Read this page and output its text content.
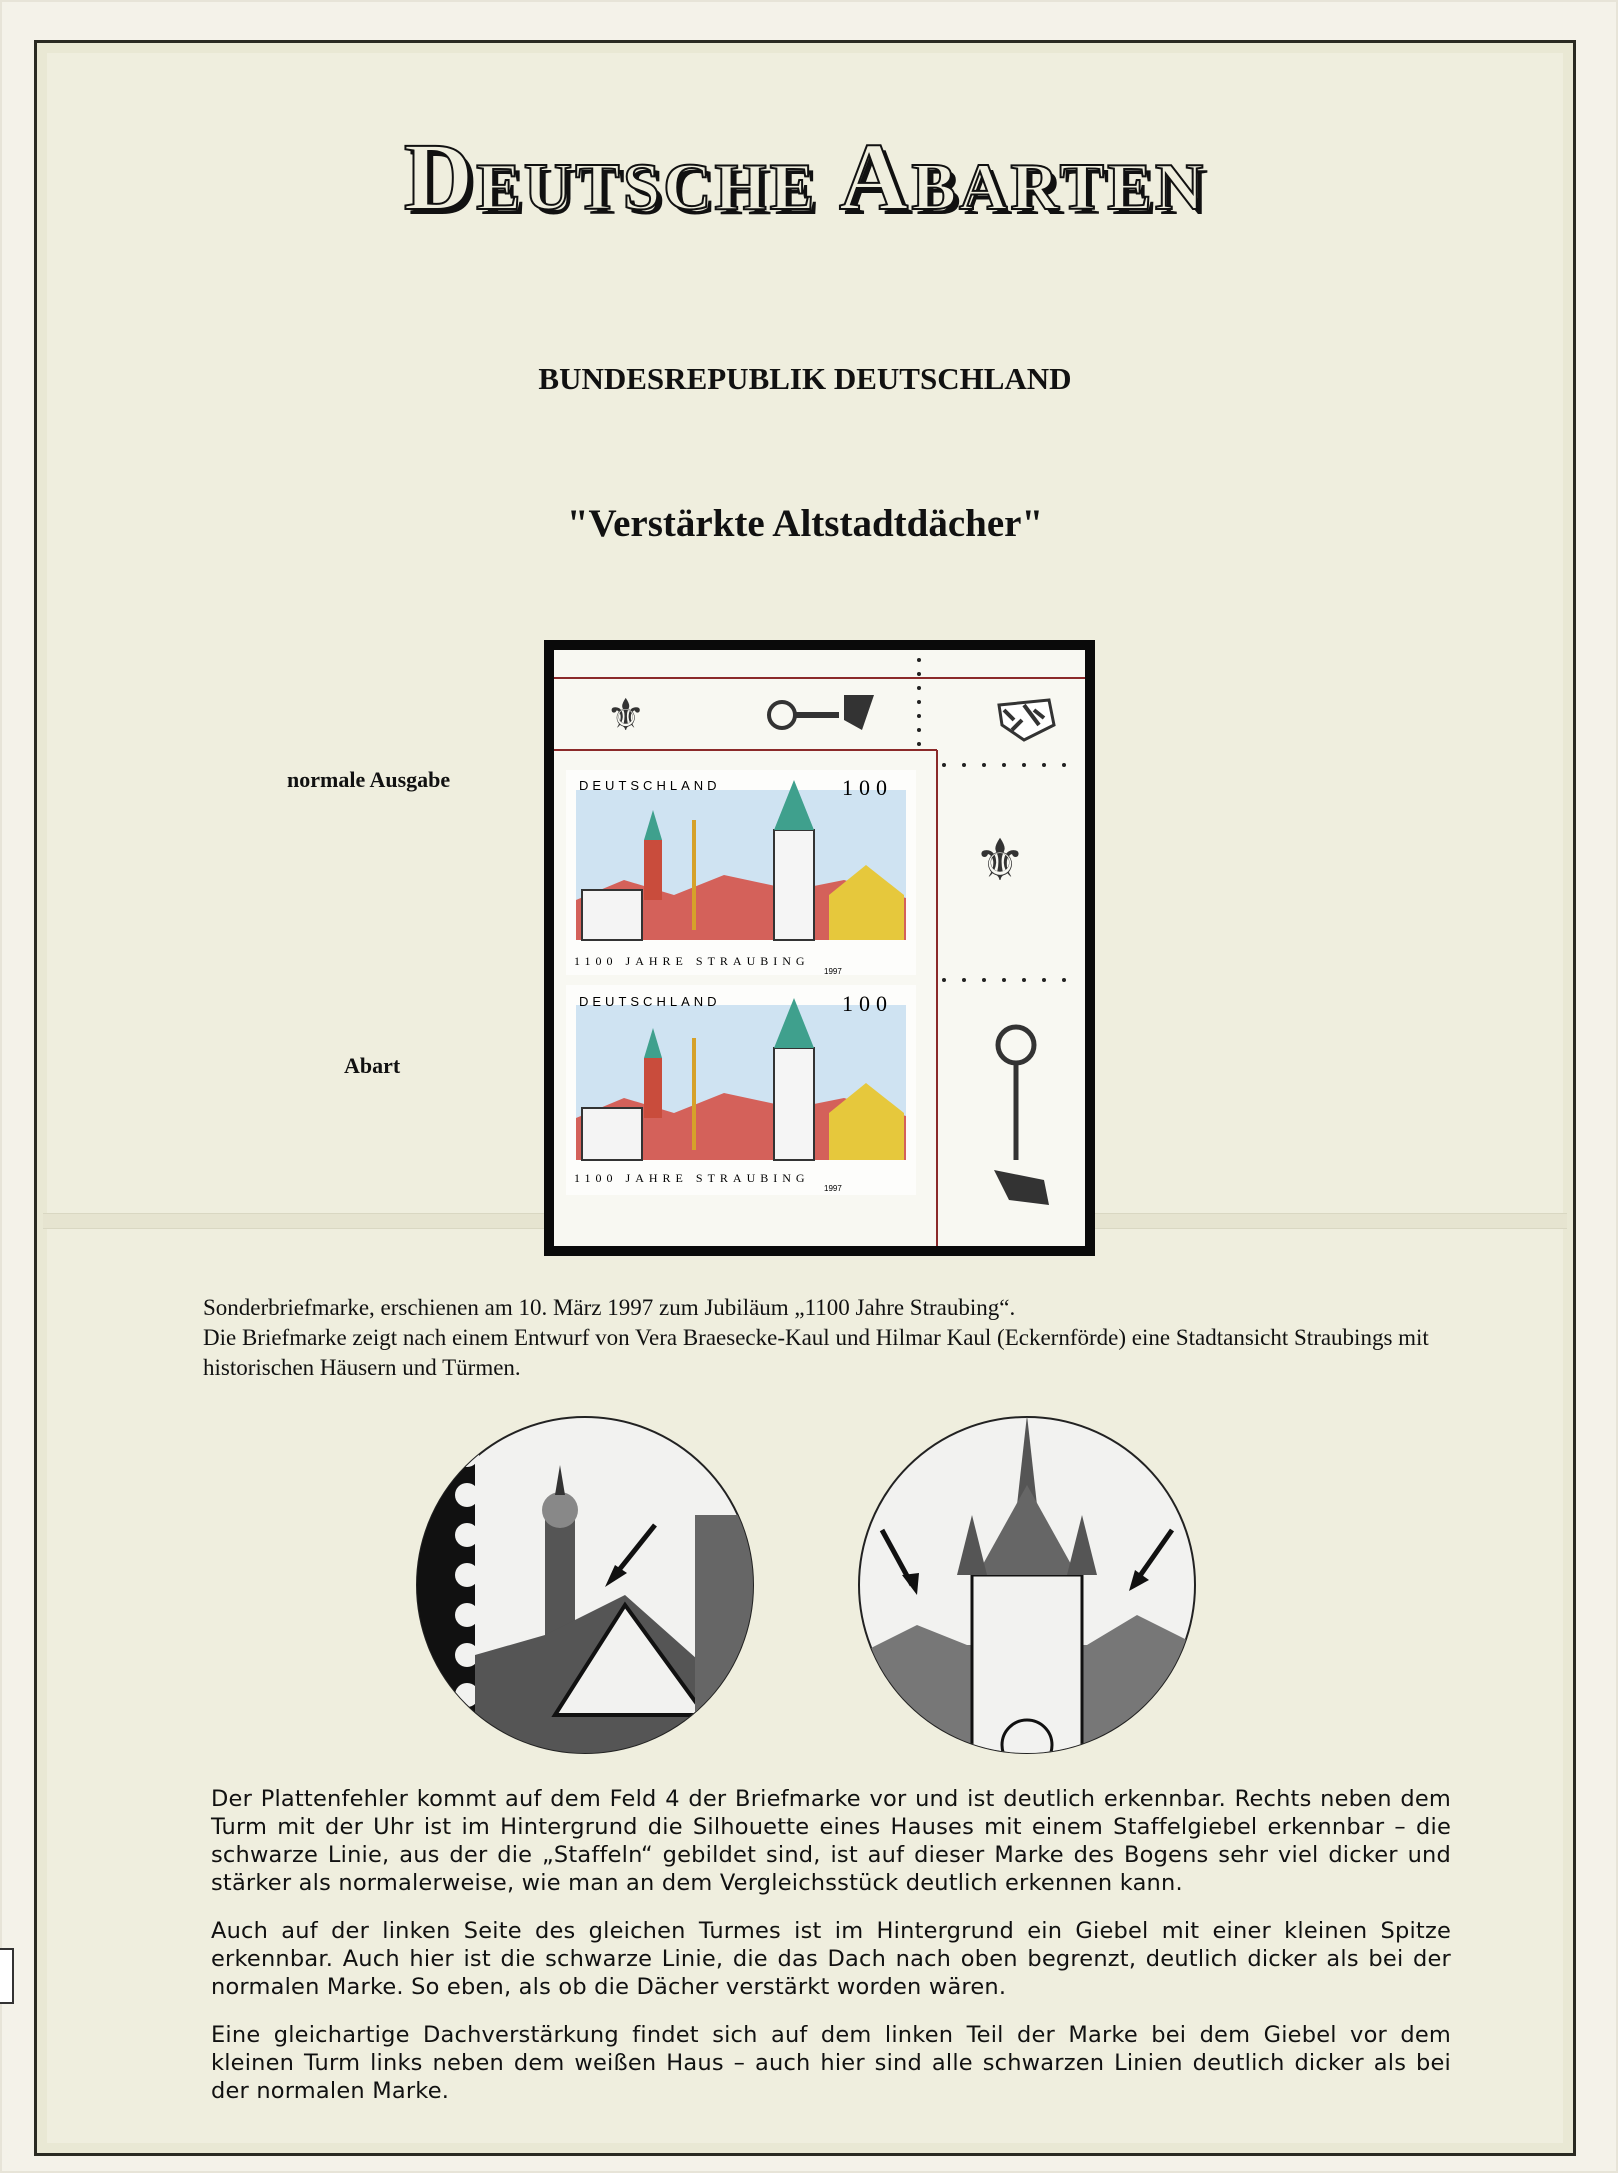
Deutsche Abarten
BUNDESREPUBLIK DEUTSCHLAND
"Verstärkte Altstadtdächer"
normale Ausgabe
Abart
⚜
⚜
DEUTSCHLAND	100
1100 JAHRE STRAUBING
1997
DEUTSCHLAND	100
1100 JAHRE STRAUBING
1997

Sonderbriefmarke, erschienen am 10. März 1997 zum Jubiläum „1100 Jahre Straubing“.

Die Briefmarke zeigt nach einem Entwurf von Vera Braesecke-Kaul und Hilmar Kaul (Eckernförde) eine Stadtansicht Straubings mit historischen Häusern und Türmen.

Der Plattenfehler kommt auf dem Feld 4 der Briefmarke vor und ist deutlich erkennbar. Rechts neben dem Turm mit der Uhr ist im Hintergrund die Silhouette eines Hauses mit einem Staffelgiebel erkennbar – die schwarze Linie, aus der die „Staffeln“ gebildet sind, ist auf dieser Marke des Bogens sehr viel dicker und stärker als normalerweise, wie man an dem Vergleichsstück deutlich erkennen kann.

Auch auf der linken Seite des gleichen Turmes ist im Hintergrund ein Giebel mit einer kleinen Spitze erkennbar. Auch hier ist die schwarze Linie, die das Dach nach oben begrenzt, deutlich dicker als bei der normalen Marke. So eben, als ob die Dächer verstärkt worden wären.

Eine gleichartige Dachverstärkung findet sich auf dem linken Teil der Marke bei dem Giebel vor dem kleinen Turm links neben dem weißen Haus – auch hier sind alle schwarzen Linien deutlich dicker als bei der normalen Marke.
